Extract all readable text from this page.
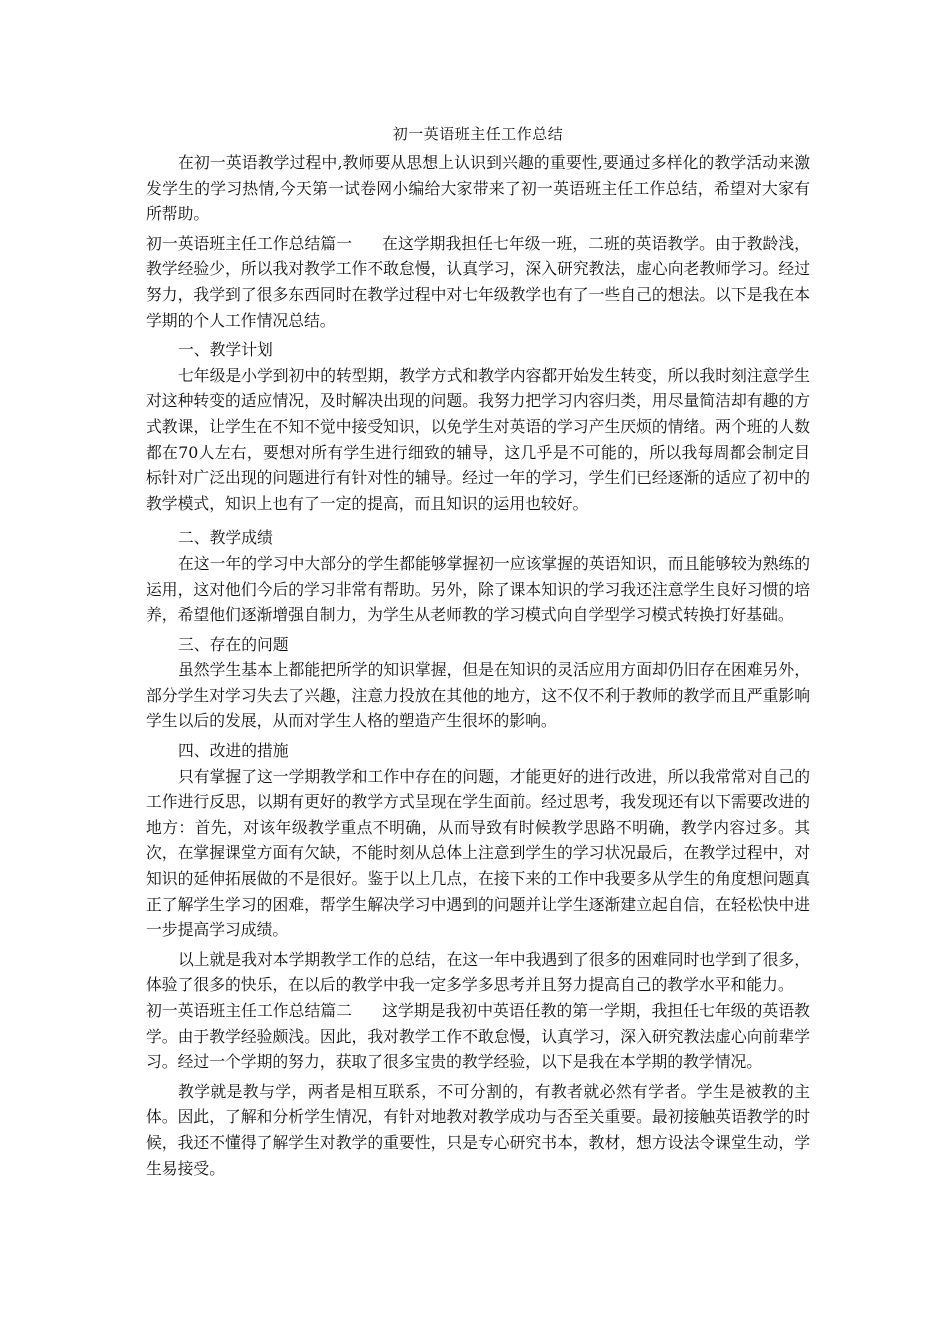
初一英语班主任工作总结

在初一英语教学过程中,教师要从思想上认识到兴趣的重要性,要通过多样化的教学活动来激发学生的学习热情,今天第一试卷网小编给大家带来了初一英语班主任工作总结，希望对大家有所帮助。

初一英语班主任工作总结篇一 在这学期我担任七年级一班，二班的英语教学。由于教龄浅，教学经验少，所以我对教学工作不敢怠慢，认真学习，深入研究教法，虚心向老教师学习。经过努力，我学到了很多东西同时在教学过程中对七年级教学也有了一些自己的想法。以下是我在本学期的个人工作情况总结。

一、教学计划

七年级是小学到初中的转型期，教学方式和教学内容都开始发生转变，所以我时刻注意学生对这种转变的适应情况，及时解决出现的问题。我努力把学习内容归类，用尽量简洁却有趣的方式教课，让学生在不知不觉中接受知识，以免学生对英语的学习产生厌烦的情绪。两个班的人数都在70人左右，要想对所有学生进行细致的辅导，这几乎是不可能的，所以我每周都会制定目标针对广泛出现的问题进行有针对性的辅导。经过一年的学习，学生们已经逐渐的适应了初中的教学模式，知识上也有了一定的提高，而且知识的运用也较好。

二、教学成绩

在这一年的学习中大部分的学生都能够掌握初一应该掌握的英语知识，而且能够较为熟练的运用，这对他们今后的学习非常有帮助。另外，除了课本知识的学习我还注意学生良好习惯的培养，希望他们逐渐增强自制力，为学生从老师教的学习模式向自学型学习模式转换打好基础。

三、存在的问题

虽然学生基本上都能把所学的知识掌握，但是在知识的灵活应用方面却仍旧存在困难另外，部分学生对学习失去了兴趣，注意力投放在其他的地方，这不仅不利于教师的教学而且严重影响学生以后的发展，从而对学生人格的塑造产生很坏的影响。

四、改进的措施

只有掌握了这一学期教学和工作中存在的问题，才能更好的进行改进，所以我常常对自己的工作进行反思，以期有更好的教学方式呈现在学生面前。经过思考，我发现还有以下需要改进的地方：首先，对该年级教学重点不明确，从而导致有时候教学思路不明确，教学内容过多。其次，在掌握课堂方面有欠缺，不能时刻从总体上注意到学生的学习状况最后，在教学过程中，对知识的延伸拓展做的不是很好。鉴于以上几点，在接下来的工作中我要多从学生的角度想问题真正了解学生学习的困难，帮学生解决学习中遇到的问题并让学生逐渐建立起自信，在轻松快中进一步提高学习成绩。

以上就是我对本学期教学工作的总结，在这一年中我遇到了很多的困难同时也学到了很多，体验了很多的快乐，在以后的教学中我一定多学多思考并且努力提高自己的教学水平和能力。

初一英语班主任工作总结篇二 这学期是我初中英语任教的第一学期，我担任七年级的英语教学。由于教学经验颇浅。因此，我对教学工作不敢怠慢，认真学习，深入研究教法虚心向前辈学习。经过一个学期的努力，获取了很多宝贵的教学经验，以下是我在本学期的教学情况。

教学就是教与学，两者是相互联系，不可分割的，有教者就必然有学者。学生是被教的主体。因此，了解和分析学生情况，有针对地教对教学成功与否至关重要。最初接触英语教学的时候，我还不懂得了解学生对教学的重要性，只是专心研究书本，教材，想方设法令课堂生动，学生易接受。
